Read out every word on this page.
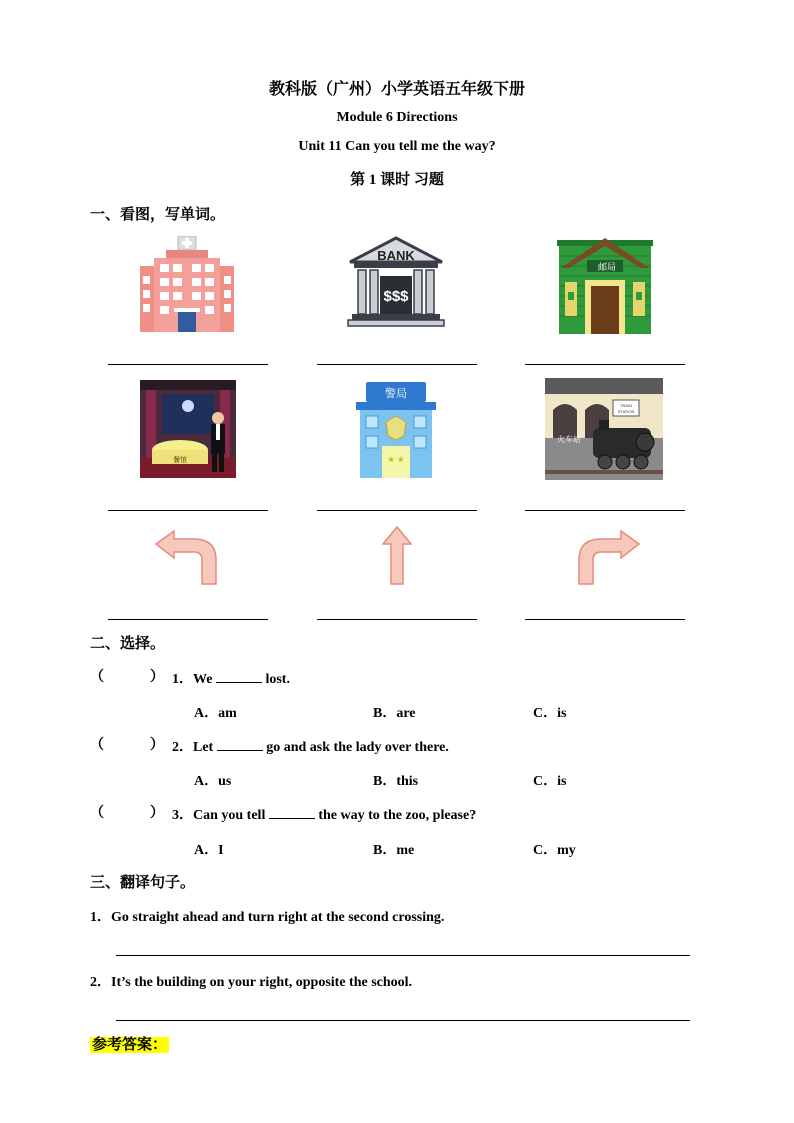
教科版（广州）小学英语五年级下册
Module 6 Directions
Unit 11 Can you tell me the way?
第 1 课时 习题
一、看图，写单词。
BANK
$$$
邮局
餐馆
警局
★ ★
TRAIN
STATION
火车站
二、选择。
（	） 1．We	lost.
A．am	B．are	C．is
（	） 2．Let	go and ask the lady over there.
A．us	B．this	C．is
（	） 3．Can you tell	the way to the zoo, please?
A．I	B．me	C．my
三、翻译句子。
1．Go straight ahead and turn right at the second crossing.
2．It’s the building on your right, opposite the school.
参考答案：
